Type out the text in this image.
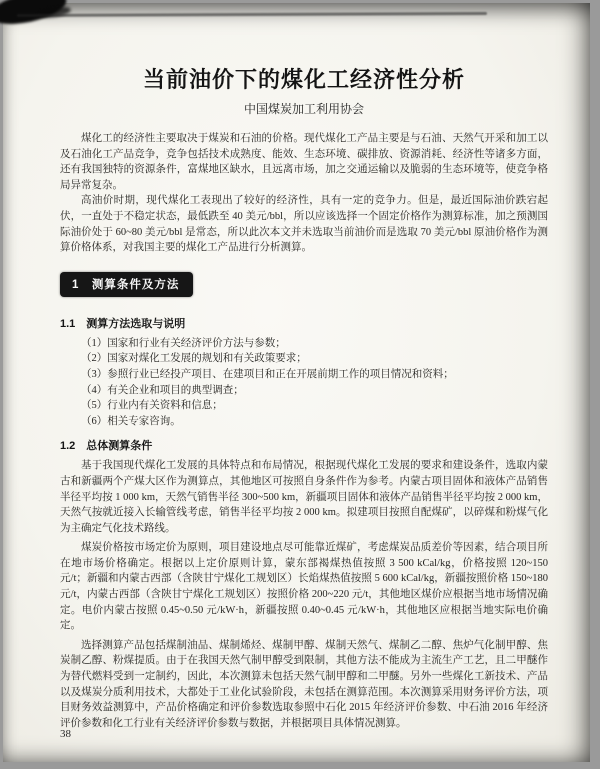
当前油价下的煤化工经济性分析
中国煤炭加工利用协会

煤化工的经济性主要取决于煤炭和石油的价格。现代煤化工产品主要是与石油、天然气开采和加工以及石油化工产品竞争，竞争包括技术成熟度、能效、生态环境、碳排放、资源消耗、经济性等诸多方面，还有我国独特的资源条件，富煤地区缺水，且远离市场，加之交通运输以及脆弱的生态环境等，使竞争格局异常复杂。

高油价时期，现代煤化工表现出了较好的经济性，具有一定的竞争力。但是，最近国际油价跌宕起伏，一直处于不稳定状态，最低跌至 40 美元/bbl，所以应该选择一个固定价格作为测算标准，加之预测国际油价处于 60~80 美元/bbl 是常态，所以此次本文并未选取当前油价而是选取 70 美元/bbl 原油价格作为测算价格体系，对我国主要的煤化工产品进行分析测算。

1　测算条件及方法
1.1　测算方法选取与说明

（1）国家和行业有关经济评价方法与参数；

（2）国家对煤化工发展的规划和有关政策要求；

（3）参照行业已经投产项目、在建项目和正在开展前期工作的项目情况和资料；

（4）有关企业和项目的典型调查；

（5）行业内有关资料和信息；

（6）相关专家咨询。

1.2　总体测算条件

基于我国现代煤化工发展的具体特点和布局情况，根据现代煤化工发展的要求和建设条件，选取内蒙古和新疆两个产煤大区作为测算点，其他地区可按照自身条件作为参考。内蒙古项目固体和液体产品销售半径平均按 1 000 km，天然气销售半径 300~500 km，新疆项目固体和液体产品销售半径平均按 2 000 km，天然气按就近接入长输管线考虑，销售半径平均按 2 000 km。拟建项目按照自配煤矿，以碎煤和粉煤气化为主确定气化技术路线。

煤炭价格按市场定价为原则，项目建设地点尽可能靠近煤矿，考虑煤炭品质差价等因素，结合项目所在地市场价格确定。根据以上定价原则计算，蒙东部褐煤热值按照 3 500 kCal/kg，价格按照 120~150 元/t；新疆和内蒙古西部（含陕甘宁煤化工规划区）长焰煤热值按照 5 600 kCal/kg，新疆按照价格 150~180 元/t，内蒙古西部（含陕甘宁煤化工规划区）按照价格 200~220 元/t，其他地区煤价应根据当地市场情况确定。电价内蒙古按照 0.45~0.50 元/kW·h，新疆按照 0.40~0.45 元/kW·h，其他地区应根据当地实际电价确定。

选择测算产品包括煤制油品、煤制烯烃、煤制甲醇、煤制天然气、煤制乙二醇、焦炉气化制甲醇、焦炭制乙醇、粉煤提质。由于在我国天然气制甲醇受到限制，其他方法不能成为主流生产工艺，且二甲醚作为替代燃料受到一定制约，因此，本次测算未包括天然气制甲醇和二甲醚。另外一些煤化工新技术、产品以及煤炭分质利用技术，大都处于工业化试验阶段，未包括在测算范围。本次测算采用财务评价方法，项目财务效益测算中，产品价格确定和评价参数选取参照中石化 2015 年经济评价参数、中石油 2016 年经济评价参数和化工行业有关经济评价参数与数据，并根据项目具体情况测算。

38
